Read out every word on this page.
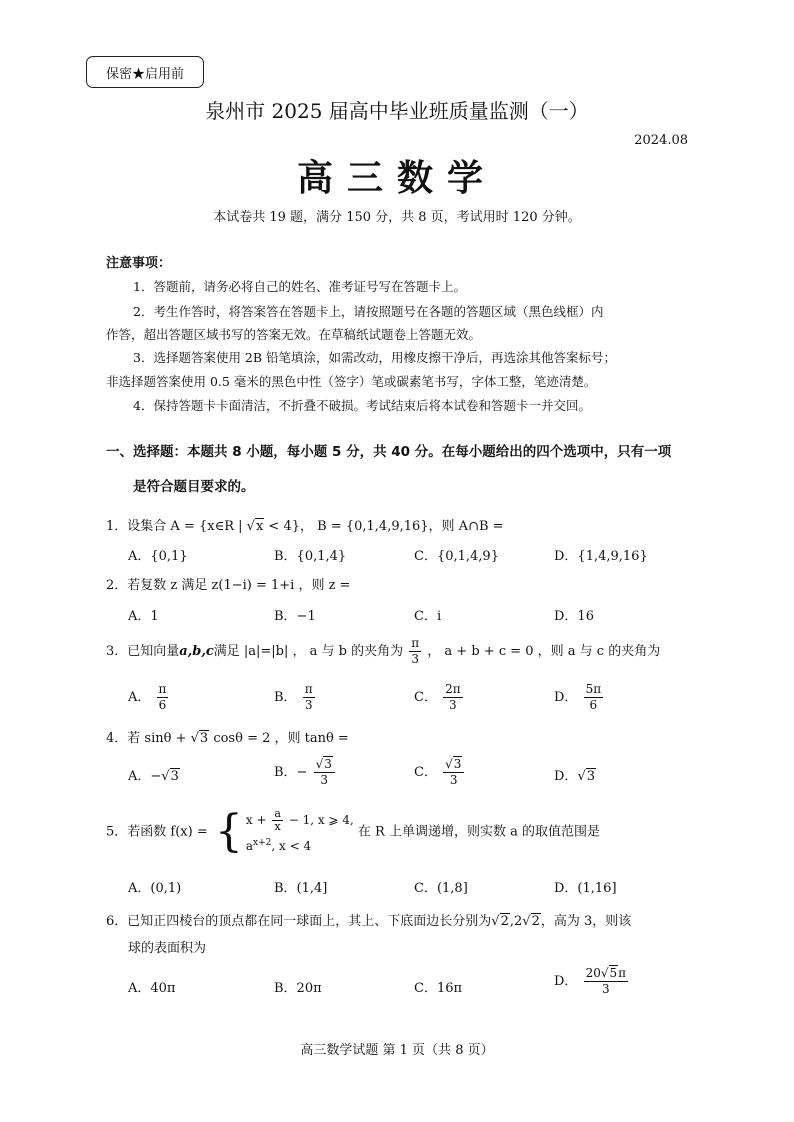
保密★启用前
泉州市 2025 届高中毕业班质量监测（一）
2024.08
高三数学
本试卷共 19 题，满分 150 分，共 8 页，考试用时 120 分钟。
注意事项：
1．答题前，请务必将自己的姓名、准考证号写在答题卡上。
2．考生作答时，将答案答在答题卡上，请按照题号在各题的答题区域（黑色线框）内
作答，超出答题区域书写的答案无效。在草稿纸试题卷上答题无效。
3．选择题答案使用 2B 铅笔填涂，如需改动，用橡皮擦干净后，再选涂其他答案标号；
非选择题答案使用 0.5 毫米的黑色中性（签字）笔或碳素笔书写，字体工整，笔迹清楚。
4．保持答题卡卡面清洁，不折叠不破损。考试结束后将本试卷和答题卡一并交回。
一、选择题：本题共 8 小题，每小题 5 分，共 40 分。在每小题给出的四个选项中，只有一项
是符合题目要求的。
1．设集合 A = {x∈R | √x < 4}， B = {0,1,4,9,16}，则 A∩B =
A．{0,1}	B．{0,1,4}	C．{0,1,4,9}	D．{1,4,9,16}
2．若复数 z 满足 z(1−i) = 1+i ，则 z =
A．1	B．−1	C．i	D．16
3．已知向量a,b,c满足 |a|=|b| ， a 与 b 的夹角为 $\frac{\pi}{3}$ ， a + b + c = 0 ，则 a 与 c 的夹角为
A． $\frac{\pi}{6}$	B． $\frac{\pi}{3}$	C． $\frac{2\pi}{3}$	D． $\frac{5\pi}{6}$
4．若 sinθ + √3 cosθ = 2 ，则 tanθ =
A．−√3	B．− $\frac{√3}{3}$	C． $\frac{√3}{3}$	D．√3
5．若函数 f(x) = { $x + \frac{a}{x} - 1$, x ⩾ 4,
$a^{x+2}$, x < 4
在 R 上单调递增，则实数 a 的取值范围是
A．(0,1)	B．(1,4]	C．(1,8]	D．(1,16]
6．已知正四棱台的顶点都在同一球面上，其上、下底面边长分别为√2,2√2，高为 3，则该
球的表面积为
A．40π	B．20π	C．16π	D． $\frac{20√5\pi}{3}$
高三数学试题 第 1 页（共 8 页）
